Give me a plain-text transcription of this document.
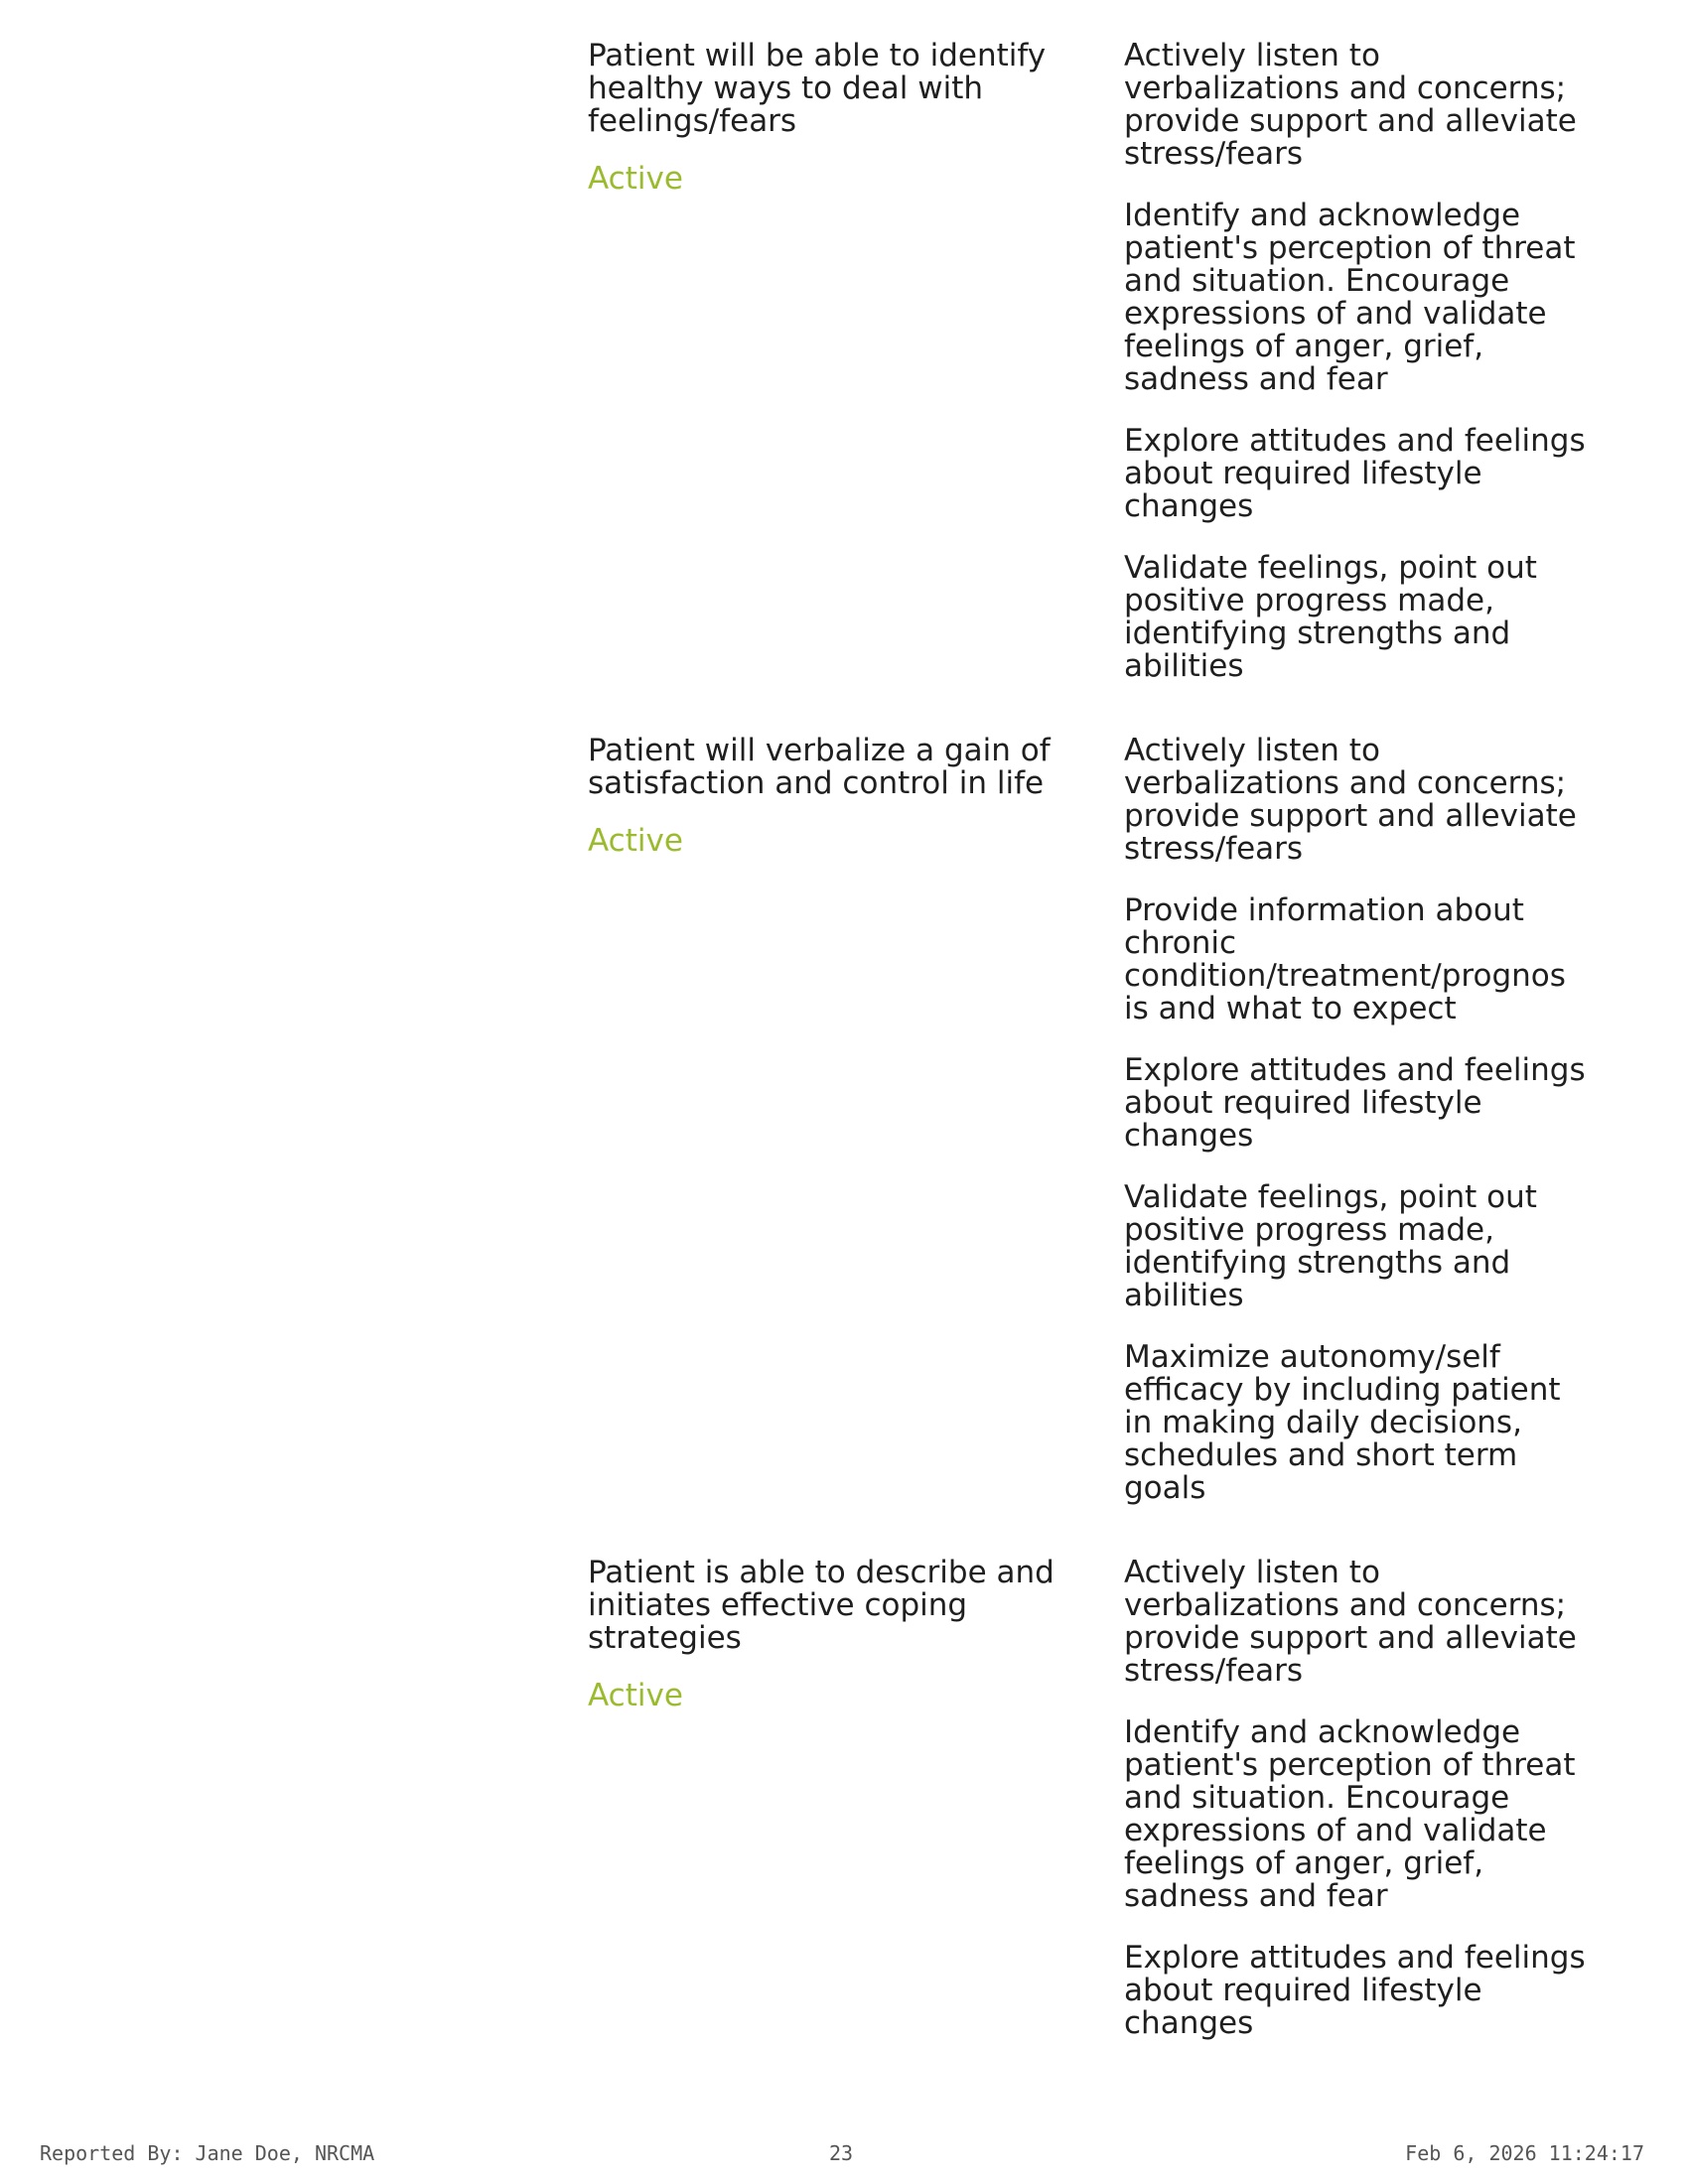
Patient will be able to identify
healthy ways to deal with
feelings/fears

Active

Actively listen to
verbalizations and concerns;
provide support and alleviate
stress/fears

Identify and acknowledge
patient's perception of threat
and situation. Encourage
expressions of and validate
feelings of anger, grief,
sadness and fear

Explore attitudes and feelings
about required lifestyle
changes

Validate feelings, point out
positive progress made,
identifying strengths and
abilities

Patient will verbalize a gain of
satisfaction and control in life

Active

Actively listen to
verbalizations and concerns;
provide support and alleviate
stress/fears

Provide information about
chronic
condition/treatment/prognos
is and what to expect

Explore attitudes and feelings
about required lifestyle
changes

Validate feelings, point out
positive progress made,
identifying strengths and
abilities

Maximize autonomy/self
efficacy by including patient
in making daily decisions,
schedules and short term
goals

Patient is able to describe and
initiates effective coping
strategies

Active

Actively listen to
verbalizations and concerns;
provide support and alleviate
stress/fears

Identify and acknowledge
patient's perception of threat
and situation. Encourage
expressions of and validate
feelings of anger, grief,
sadness and fear

Explore attitudes and feelings
about required lifestyle
changes

Reported By: Jane Doe, NRCMA	23	Feb 6, 2026 11:24:17
